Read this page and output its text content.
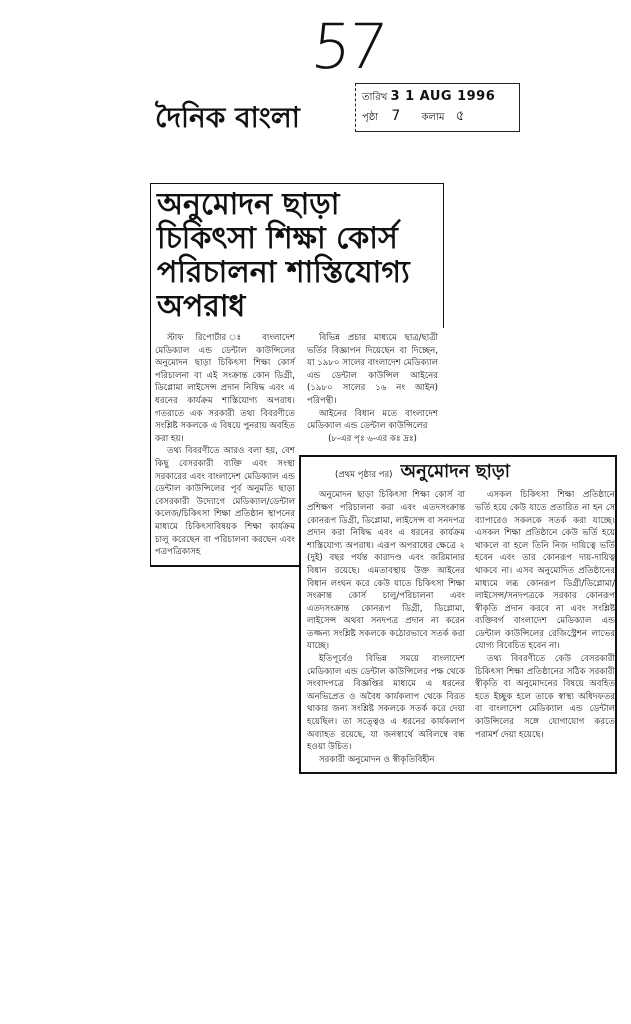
57
দৈনিক বাংলা
তারিখ 3 1 AUG 1996
পৃষ্ঠা 7 কলাম ৫
অনুমোদন ছাড়া চিকিৎসা শিক্ষা কোর্স পরিচালনা শাস্তিযোগ্য অপরাধ

স্টাফ রিপোর্টার ঃ বাংলাদেশ মেডিক্যাল এন্ড ডেন্টাল কাউন্সিলের অনুমোদন ছাড়া চিকিৎসা শিক্ষা কোর্স পরিচালনা বা এই সংক্রান্ত কোন ডিগ্রী, ডিপ্লোমা লাইসেন্স প্রদান নিষিদ্ধ এবং এ ধরনের কার্যক্রম শাস্তিযোগ্য অপরাধ। গতরাতে এক সরকারী তথ্য বিবরণীতে সংশ্লিষ্ট সকলকে এ বিষয়ে পুনরায় অবহিত করা হয়।

তথ্য বিবরণীতে আরও বলা হয়, বেশ কিছু বেসরকারী ব্যক্তি এবং সংস্থা সরকারের এবং বাংলাদেশ মেডিক্যাল এন্ড ডেন্টাল কাউন্সিলের পূর্ব অনুমতি ছাড়া বেসরকারী উদ্যোগে মেডিক্যাল/ডেন্টাল কলেজ/চিকিৎসা শিক্ষা প্রতিষ্ঠান স্থাপনের মাধ্যমে চিকিৎসাবিষয়ক শিক্ষা কার্যক্রম চালু করেছেন বা পরিচালনা করছেন এবং পত্রপত্রিকাসহ

বিভিন্ন প্রচার মাধ্যমে ছাত্র/ছাত্রী ভর্তির বিজ্ঞাপন দিয়েছেন বা দিচ্ছেন, যা ১৯৮০ সালের বাংলাদেশ মেডিক্যাল এন্ড ডেন্টাল কাউন্সিল আইনের (১৯৮০ সালের ১৬ নং আইন) পরিপন্থী।

আইনের বিধান মতে বাংলাদেশ মেডিক্যাল এন্ড ডেন্টাল কাউন্সিলের

(৮-এর পৃঃ ৬-এর কঃ দ্রঃ)

(প্রথম পৃষ্ঠার পর) অনুমোদন ছাড়া

অনুমোদন ছাড়া চিকিৎসা শিক্ষা কোর্স বা প্রশিক্ষণ পরিচালনা করা এবং এতদসংক্রান্ত কোনরূপ ডিগ্রী, ডিপ্লোমা, লাইসেন্স বা সনদপত্র প্রদান করা নিষিদ্ধ এবং এ ধরনের কার্যক্রম শাস্তিযোগ্য অপরাধ। এরূপ অপরাধের ক্ষেত্রে ২ (দুই) বছর পর্যন্ত কারাদণ্ড এবং জরিমানার বিধান রয়েছে। এমতাবস্থায় উক্ত আইনের বিধান লংঘন করে কেউ যাতে চিকিৎসা শিক্ষা সংক্রান্ত কোর্স চালু/পরিচালনা এবং এতদসংক্রান্ত কোনরূপ ডিগ্রী, ডিপ্লোমা, লাইসেন্স অথবা সনদপত্র প্রদান না করেন তজ্জন্য সংশ্লিষ্ট সকলকে কঠোরভাবে সতর্ক করা যাচ্ছে।

ইতিপূর্বেও বিভিন্ন সময়ে বাংলাদেশ মেডিক্যাল এন্ড ডেন্টাল কাউন্সিলের পক্ষ থেকে সংবাদপত্রে বিজ্ঞপ্তির মাধ্যমে এ ধরনের অনভিপ্রেত ও অবৈধ কার্যকলাপ থেকে বিরত থাকার জন্য সংশ্লিষ্ট সকলকে সতর্ক করে দেয়া হয়েছিল। তা সত্ত্বেও এ ধরনের কার্যকলাপ অব্যাহত রয়েছে, যা জনস্বার্থে অবিলম্বে বন্ধ হওয়া উচিত।

সরকারী অনুমোদন ও স্বীকৃতিবিহীন

এসকল চিকিৎসা শিক্ষা প্রতিষ্ঠানে ভর্তি হয়ে কেউ যাতে প্রতারিত না হন সে ব্যাপারেও সকলকে সতর্ক করা যাচ্ছে। এসকল শিক্ষা প্রতিষ্ঠানে কেউ ভর্তি হয়ে থাকলে বা হলে তিনি নিজ দায়িত্বে ভর্তি হবেন এবং তার কোনরূপ দায়-দায়িত্ব থাকবে না। এসব অনুমোদিত প্রতিষ্ঠানের মাধ্যমে লব্ধ কোনরূপ ডিগ্রী/ডিপ্লোমা/লাইসেন্স/সনদপত্রকে সরকার কোনরূপ স্বীকৃতি প্রদান করবে না এবং সংশ্লিষ্ট ব্যক্তিবর্গ বাংলাদেশ মেডিক্যাল এন্ড ডেন্টাল কাউন্সিলের রেজিস্ট্রেশন লাভের যোগ্য বিবেচিত হবেন না।

তথ্য বিবরণীতে কেউ বেসরকারী চিকিৎসা শিক্ষা প্রতিষ্ঠানের সঠিক সরকারী স্বীকৃতি বা অনুমোদনের বিষয়ে অবহিত হতে ইচ্ছুক হলে তাকে স্বাস্থ্য অধিদফতর বা বাংলাদেশ মেডিক্যাল এন্ড ডেন্টাল কাউন্সিলের সঙ্গে যোগাযোগ করতে পরামর্শ দেয়া হয়েছে।
